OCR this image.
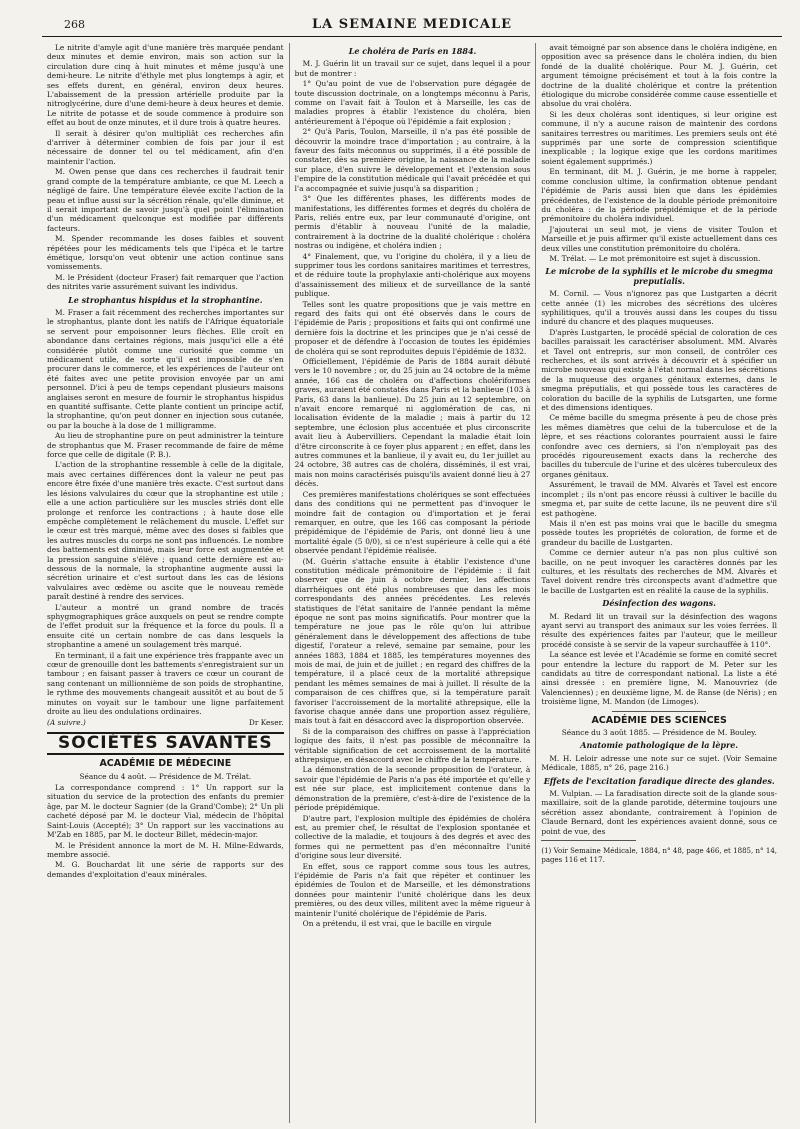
268	LA SEMAINE MEDICALE

Le nitrite d'amyle agit d'une manière très marquée pendant deux minutes et demie environ, mais son action sur la circulation dure cinq à huit minutes et même jusqu'à une demi-heure. Le nitrite d'éthyle met plus longtemps à agir, et ses effets durent, en général, environ deux heures. L'abaissement de la pression artérielle produite par la nitroglycérine, dure d'une demi-heure à deux heures et demie. Le nitrite de potasse et de soude commence à produire son effet au bout de onze minutes, et il dure trois à quatre heures.

Il serait à désirer qu'on multipliât ces recherches afin d'arriver à déterminer combien de fois par jour il est nécessaire de donner tel ou tel médicament, afin d'en maintenir l'action.

M. Owen pense que dans ces recherches il faudrait tenir grand compte de la température ambiante, ce que M. Leech a négligé de faire. Une température élevée excite l'action de la peau et influe aussi sur la sécrétion rénale, qu'elle diminue, et il serait important de savoir jusqu'à quel point l'élimination d'un médicament quelconque est modifiée par différents facteurs.

M. Spender recommande les doses faibles et souvent répétées pour les médicaments tels que l'ipéca et le tartre émétique, lorsqu'on veut obtenir une action continue sans vomissements.

M. le Président (docteur Fraser) fait remarquer que l'action des nitrites varie assurément suivant les individus.

Le strophantus hispidus et la strophantine.

M. Fraser a fait récemment des recherches importantes sur le strophantus, plante dont les natifs de l'Afrique équatoriale se servent pour empoisonner leurs flèches. Elle croît en abondance dans certaines régions, mais jusqu'ici elle a été considérée plutôt comme une curiosité que comme un médicament utile, de sorte qu'il est impossible de s'en procurer dans le commerce, et les expériences de l'auteur ont été faites avec une petite provision envoyée par un ami personnel. D'ici à peu de temps cependant plusieurs maisons anglaises seront en mesure de fournir le strophantus hispidus en quantité suffisante. Cette plante contient un principe actif, la strophantine, qu'on peut donner en injection sous cutanée, ou par la bouche à la dose de 1 milligramme.

Au lieu de strophantine pure on peut administrer la teinture de strophantus que M. Fraser recommande de faire de même force que celle de digitale (P. B.).

L'action de la strophantine ressemble à celle de la digitale, mais avec certaines différences dont la valeur ne peut pas encore être fixée d'une manière très exacte. C'est surtout dans les lésions valvulaires du cœur que la strophantine est utile ; elle a une action particulière sur les muscles striés dont elle prolonge et renforce les contractions ; à haute dose elle empêche complètement le relâchement du muscle. L'effet sur le cœur est très marqué, même avec des doses si faibles que les autres muscles du corps ne sont pas influencés. Le nombre des battements est diminué, mais leur force est augmentée et la pression sanguine s'élève ; quand cette dernière est au-dessous de la normale, la strophantine augmente aussi la sécrétion urinaire et c'est surtout dans les cas de lésions valvulaires avec œdème ou ascite que le nouveau remède paraît destiné à rendre des services.

L'auteur a montré un grand nombre de tracés sphygmographiques grâce auxquels on peut se rendre compte de l'effet produit sur la fréquence et la force du pouls. Il a ensuite cité un certain nombre de cas dans lesquels la strophantine a amené un soulagement très marqué.

En terminant, il a fait une expérience très frappante avec un cœur de grenouille dont les battements s'enregistraient sur un tambour ; en faisant passer à travers ce cœur un courant de sang contenant un millionnième de son poids de strophantine, le rythme des mouvements changeait aussitôt et au bout de 5 minutes on voyait sur le tambour une ligne parfaitement droite au lieu des ondulations ordinaires.

(A suivre.)	Dr Keser.
SOCIÉTÉS SAVANTES
ACADÉMIE DE MÉDECINE
Séance du 4 août. — Présidence de M. Trélat.

La correspondance comprend : 1° Un rapport sur la situation du service de la protection des enfants du premier âge, par M. le docteur Sagnier (de la Grand'Combe); 2° Un pli cacheté déposé par M. le docteur Vial, médecin de l'hôpital Saint-Louis (Accepté); 3° Un rapport sur les vaccinations au M'Zab en 1885, par M. le docteur Billet, médecin-major.

M. le Président annonce la mort de M. H. Milne-Edwards, membre associé.

M. G. Bouchardat lit une série de rapports sur des demandes d'exploitation d'eaux minérales.

Le choléra de Paris en 1884.

M. J. Guérin lit un travail sur ce sujet, dans lequel il a pour but de montrer :

1° Qu'au point de vue de l'observation pure dégagée de toute discussion doctrinale, on a longtemps méconnu à Paris, comme on l'avait fait à Toulon et à Marseille, les cas de maladies propres à établir l'existence du choléra, bien antérieurement à l'époque où l'épidémie a fait explosion ;

2° Qu'à Paris, Toulon, Marseille, il n'a pas été possible de découvrir la moindre trace d'importation ; au contraire, à la faveur des faits méconnus ou supprimés, il a été possible de constater, dès sa première origine, la naissance de la maladie sur place, d'en suivre le développement et l'extension sous l'empire de la constitution médicale qui l'avait précédée et qui l'a accompagnée et suivie jusqu'à sa disparition ;

3° Que les différentes phases, les différents modes de manifestations, les différentes formes et degrés du choléra de Paris, reliés entre eux, par leur communauté d'origine, ont permis d'établir à nouveau l'unité de la maladie, contrairement à la doctrine de la dualité cholérique : choléra nostras ou indigène, et choléra indien ;

4° Finalement, que, vu l'origine du choléra, il y a lieu de supprimer tous les cordons sanitaires maritimes et terrestres, et de réduire toute la prophylaxie anti-cholérique aux moyens d'assainissement des milieux et de surveillance de la santé publique.

Telles sont les quatre propositions que je vais mettre en regard des faits qui ont été observés dans le cours de l'épidémie de Paris ; propositions et faits qui ont confirmé une dernière fois la doctrine et les principes que je n'ai cessé de proposer et de défendre à l'occasion de toutes les épidémies de choléra qui se sont reproduites depuis l'épidémie de 1832.

Officiellement, l'épidémie de Paris de 1884 aurait débuté vers le 10 novembre ; or, du 25 juin au 24 octobre de la même année, 166 cas de choléra ou d'affections cholériformes graves, auraient été constatés dans Paris et la banlieue (103 à Paris, 63 dans la banlieue). Du 25 juin au 12 septembre, on n'avait encore remarqué ni agglomération de cas, ni localisation évidente de la maladie ; mais à partir du 12 septembre, une éclosion plus accentuée et plus circonscrite avait lieu à Aubervilliers. Cependant la maladie était loin d'être circonscrite à ce foyer plus apparent ; en effet, dans les autres communes et la banlieue, il y avait eu, du 1er juillet au 24 octobre, 38 autres cas de choléra, disséminés, il est vrai, mais non moins caractérisés puisqu'ils avaient donné lieu à 27 décès.

Ces premières manifestations cholériques se sont effectuées dans des conditions qui ne permettent pas d'invoquer le moindre fait de contagion ou d'importation et je ferai remarquer, en outre, que les 166 cas composant la période prépidémique de l'épidémie de Paris, ont donné lieu à une mortalité égale (5 0/0), si ce n'est supérieure à celle qui a été observée pendant l'épidémie réalisée.

(M. Guérin s'attache ensuite à établir l'existence d'une constitution médicale prémonitoire de l'épidémie : il fait observer que de juin à octobre dernier, les affections diarrhéiques ont été plus nombreuses que dans les mois correspondants des années précédentes. Les relevés statistiques de l'état sanitaire de l'année pendant la même époque ne sont pas moins significatifs. Pour montrer que la température ne joue pas le rôle qu'on lui attribue généralement dans le développement des affections de tube digestif, l'orateur a relevé, semaine par semaine, pour les années 1883, 1884 et 1885, les températures moyennes des mois de mai, de juin et de juillet ; en regard des chiffres de la température, il a placé ceux de la mortalité athrepsique pendant les mêmes semaines de mai à juillet. Il résulte de la comparaison de ces chiffres que, si la température paraît favoriser l'accroissement de la mortalité athrepsique, elle la favorise chaque année dans une proportion assez régulière, mais tout à fait en désaccord avec la disproportion observée.

Si de la comparaison des chiffres on passe à l'appréciation logique des faits, il n'est pas possible de méconnaître la véritable signification de cet accroissement de la mortalité athrepsique, en désaccord avec le chiffre de la température.

La démonstration de la seconde proposition de l'orateur, à savoir que l'épidémie de Paris n'a pas été importée et qu'elle y est née sur place, est implicitement contenue dans la démonstration de la première, c'est-à-dire de l'existence de la période prépidémique.

D'autre part, l'explosion multiple des épidémies de choléra est, au premier chef, le résultat de l'explosion spontanée et collective de la maladie, et toujours à des degrés et avec des formes qui ne permettent pas d'en méconnaître l'unité d'origine sous leur diversité.

En effet, sous ce rapport comme sous tous les autres, l'épidémie de Paris n'a fait que répéter et continuer les épidémies de Toulon et de Marseille, et les démonstrations données pour maintenir l'unité cholérique dans les deux premières, ou des deux villes, militent avec la même rigueur à maintenir l'unité cholérique de l'épidémie de Paris.

On a prétendu, il est vrai, que le bacille en virgule

avait témoigné par son absence dans le choléra indigène, en opposition avec sa présence dans le choléra indien, du bien fondé de la dualité cholérique. Pour M. J. Guérin, cet argument témoigne précisément et tout à la fois contre la doctrine de la dualité cholérique et contre la prétention étiologique du microbe considérée comme cause essentielle et absolue du vrai choléra.

Si les deux choléras sont identiques, si leur origine est commune, il n'y a aucune raison de maintenir des cordons sanitaires terrestres ou maritimes. Les premiers seuls ont été supprimés par une sorte de compression scientifique inexplicable ; la logique exige que les cordons maritimes soient également supprimés.)

En terminant, dit M. J. Guérin, je me borne à rappeler, comme conclusion ultime, la confirmation obtenue pendant l'épidémie de Paris aussi bien que dans les épidémies précédentes, de l'existence de la double période prémonitoire du choléra : de la période prépidémique et de la période prémonitoire du choléra individuel.

J'ajouterai un seul mot, je viens de visiter Toulon et Marseille et je puis affirmer qu'il existe actuellement dans ces deux villes une constitution prémonitoire du choléra.

M. Trélat. — Le mot prémonitoire est sujet à discussion.

Le microbe de la syphilis et le microbe du smegma preputialis.

M. Cornil. — Vous n'ignorez pas que Lustgarten a décrit cette année (1) les microbes des sécrétions des ulcères syphilitiques, qu'il a trouvés aussi dans les coupes du tissu induré du chancre et des plaques muqueuses.

D'après Lustgarten, le procédé spécial de coloration de ces bacilles paraissait les caractériser absolument. MM. Alvarès et Tavel ont entrepris, sur mon conseil, de contrôler ces recherches, et ils sont arrivés à découvrir et à spécifier un microbe nouveau qui existe à l'état normal dans les sécrétions de la muqueuse des organes génitaux externes, dans le smegma préputialis, et qui possède tous les caractères de coloration du bacille de la syphilis de Lutsgarten, une forme et des dimensions identiques.

Ce même bacille du smegma présente à peu de chose près les mêmes diamètres que celui de la tuberculose et de la lèpre, et ses réactions colorantes pourraient aussi le faire confondre avec ces derniers, si l'on n'employait pas des procédés rigoureusement exacts dans la recherche des bacilles du tubercule de l'urine et des ulcères tuberculeux des organes génitaux.

Assurément, le travail de MM. Alvarès et Tavel est encore incomplet ; ils n'ont pas encore réussi à cultiver le bacille du smegma et, par suite de cette lacune, ils ne peuvent dire s'il est pathogène.

Mais il n'en est pas moins vrai que le bacille du smegma possède toutes les propriétés de coloration, de forme et de grandeur du bacille de Lustgarten.

Comme ce dernier auteur n'a pas non plus cultivé son bacille, on ne peut invoquer les caractères donnés par les cultures, et les résultats des recherches de MM. Alvarès et Tavel doivent rendre très circonspects avant d'admettre que le bacille de Lustgarten est en réalité la cause de la syphilis.

Désinfection des wagons.

M. Redard lit un travail sur la désinfection des wagons ayant servi au transport des animaux sur les voies ferrées. Il résulte des expériences faites par l'auteur, que le meilleur procédé consiste à se servir de la vapeur surchauffée à 110°.

La séance est levée et l'Académie se forme en comité secret pour entendre la lecture du rapport de M. Peter sur les candidats au titre de correspondant national. La liste a été ainsi dressée : en première ligne, M. Manouvriez (de Valenciennes) ; en deuxième ligne, M. de Ranse (de Néris) ; en troisième ligne, M. Mandon (de Limoges).

ACADÉMIE DES SCIENCES
Séance du 3 août 1885. — Présidence de M. Bouley.
Anatomie pathologique de la lèpre.

M. H. Leloir adresse une note sur ce sujet. (Voir Semaine Médicale, 1885, n° 26, page 216.)

Effets de l'excitation faradique directe des glandes.

M. Vulpian. — La faradisation directe soit de la glande sous-maxillaire, soit de la glande parotide, détermine toujours une sécrétion assez abondante, contrairement à l'opinion de Claude Bernard, dont les expériences avaient donné, sous ce point de vue, des

(1) Voir Semaine Médicale, 1884, n° 48, page 466, et 1885, n° 14, pages 116 et 117.
